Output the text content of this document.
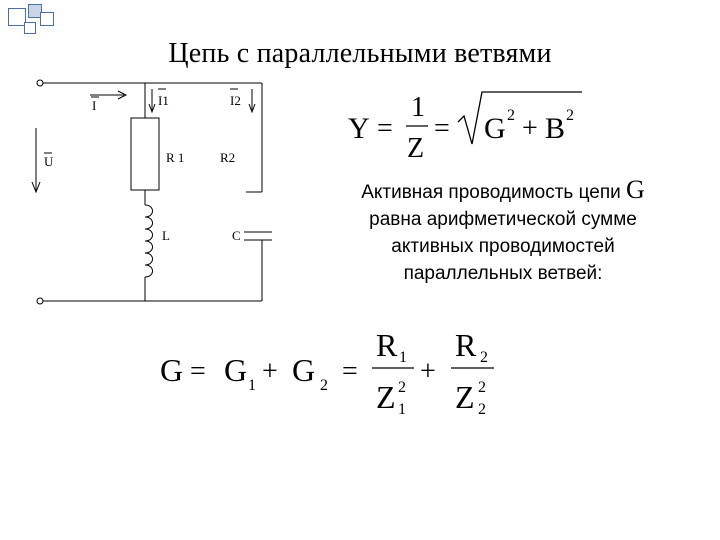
Цепь с параллельными ветвями
I	I1	I2
U	R 1	R2
L	C
Y =
1
Z
= G 2 + B 2
Активная проводимость цепи G
равна арифметической сумме
активных проводимостей
параллельных ветвей:
G = G 1 + G 2 =
R 1
Z 2
1
+
R 2
Z 2
2
